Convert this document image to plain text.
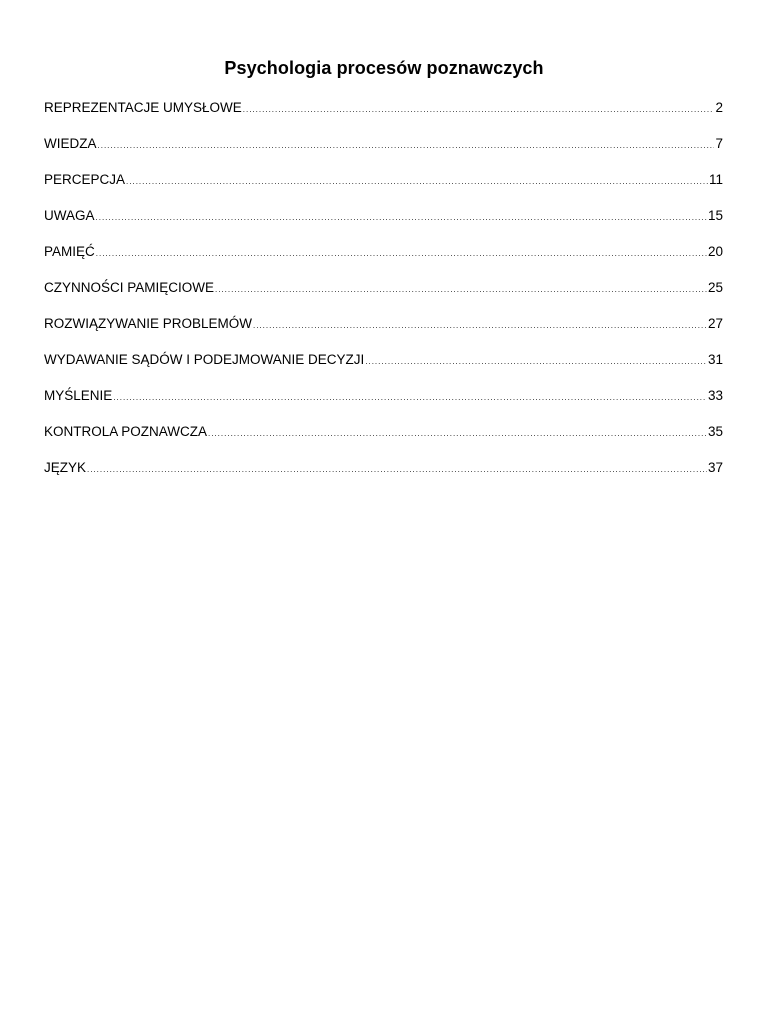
Psychologia procesów poznawczych
REPREZENTACJE UMYSŁOWE .....	2
WIEDZA .....	7
PERCEPCJA .....	11
UWAGA .....	15
PAMIĘĆ .....	20
CZYNNOŚCI PAMIĘCIOWE .....	25
ROZWIĄZYWANIE PROBLEMÓW .....	27
WYDAWANIE SĄDÓW I PODEJMOWANIE DECYZJI .....	31
MYŚLENIE .....	33
KONTROLA POZNAWCZA .....	35
JĘZYK .....	37
